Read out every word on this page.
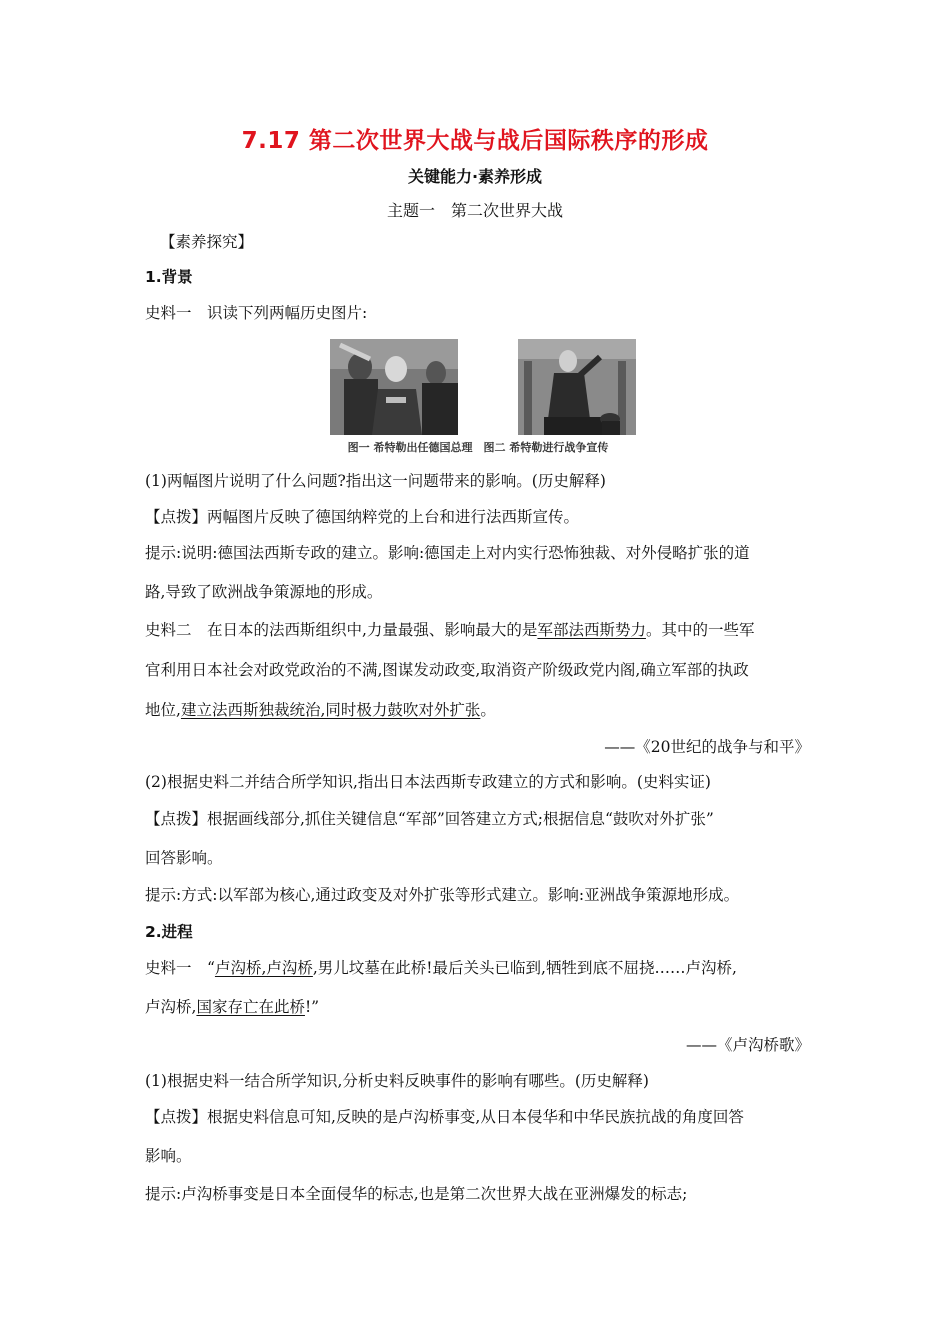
7.17 第二次世界大战与战后国际秩序的形成
关键能力·素养形成
主题一　第二次世界大战
【素养探究】
1.背景
史料一　识读下列两幅历史图片:
图一 希特勒出任德国总理　图二 希特勒进行战争宣传
(1)两幅图片说明了什么问题?指出这一问题带来的影响。(历史解释)
【点拨】两幅图片反映了德国纳粹党的上台和进行法西斯宣传。
提示:说明:德国法西斯专政的建立。影响:德国走上对内实行恐怖独裁、对外侵略扩张的道
路,导致了欧洲战争策源地的形成。
史料二　在日本的法西斯组织中,力量最强、影响最大的是军部法西斯势力。其中的一些军
官利用日本社会对政党政治的不满,图谋发动政变,取消资产阶级政党内阁,确立军部的执政
地位,建立法西斯独裁统治,同时极力鼓吹对外扩张。
——《20世纪的战争与和平》
(2)根据史料二并结合所学知识,指出日本法西斯专政建立的方式和影响。(史料实证)
【点拨】根据画线部分,抓住关键信息“军部”回答建立方式;根据信息“鼓吹对外扩张”
回答影响。
提示:方式:以军部为核心,通过政变及对外扩张等形式建立。影响:亚洲战争策源地形成。
2.进程
史料一　“卢沟桥,卢沟桥,男儿坟墓在此桥!最后关头已临到,牺牲到底不屈挠……卢沟桥,
卢沟桥,国家存亡在此桥!”
——《卢沟桥歌》
(1)根据史料一结合所学知识,分析史料反映事件的影响有哪些。(历史解释)
【点拨】根据史料信息可知,反映的是卢沟桥事变,从日本侵华和中华民族抗战的角度回答
影响。
提示:卢沟桥事变是日本全面侵华的标志,也是第二次世界大战在亚洲爆发的标志;
